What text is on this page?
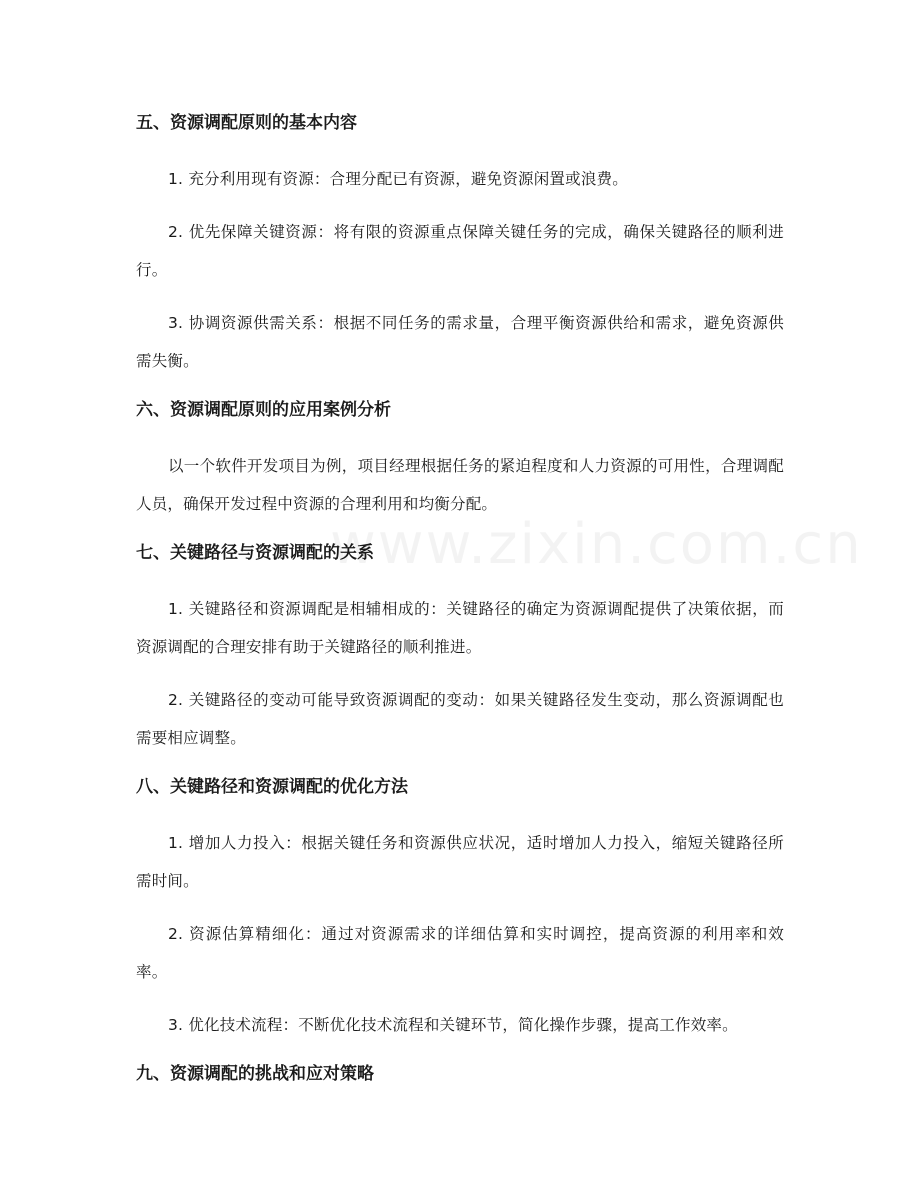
五、资源调配原则的基本内容

1. 充分利用现有资源：合理分配已有资源，避免资源闲置或浪费。

2. 优先保障关键资源：将有限的资源重点保障关键任务的完成，确保关键路径的顺利进行。

3. 协调资源供需关系：根据不同任务的需求量，合理平衡资源供给和需求，避免资源供需失衡。

六、资源调配原则的应用案例分析

以一个软件开发项目为例，项目经理根据任务的紧迫程度和人力资源的可用性，合理调配人员，确保开发过程中资源的合理利用和均衡分配。

七、关键路径与资源调配的关系

1. 关键路径和资源调配是相辅相成的：关键路径的确定为资源调配提供了决策依据，而资源调配的合理安排有助于关键路径的顺利推进。

2. 关键路径的变动可能导致资源调配的变动：如果关键路径发生变动，那么资源调配也需要相应调整。

八、关键路径和资源调配的优化方法

1. 增加人力投入：根据关键任务和资源供应状况，适时增加人力投入，缩短关键路径所需时间。

2. 资源估算精细化：通过对资源需求的详细估算和实时调控，提高资源的利用率和效率。

3. 优化技术流程：不断优化技术流程和关键环节，简化操作步骤，提高工作效率。

九、资源调配的挑战和应对策略
